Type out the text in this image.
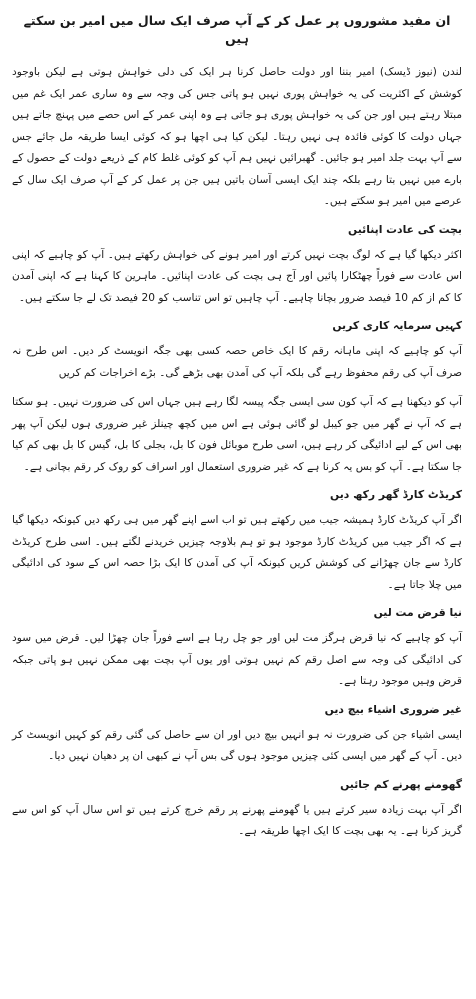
ان مفید مشوروں پر عمل کر کے آپ صرف ایک سال میں امیر بن سکتے ہیں
لندن (نیوز ڈیسک) امیر بننا اور دولت حاصل کرنا ہر ایک کی دلی خواہش ہوتی ہے لیکن باوجود کوشش کے اکثریت کی یہ خواہش پوری نہیں ہو پاتی جس کی وجہ سے وہ ساری عمر ایک غم میں مبتلا رہتے ہیں اور جن کی یہ خواہش پوری ہو جاتی ہے وہ اپنی عمر کے اس حصے میں پہنچ جاتے ہیں جہاں دولت کا کوئی فائدہ ہی نہیں رہتا۔ لیکن کیا ہی اچھا ہو کہ کوئی ایسا طریقہ مل جائے جس سے آپ بہت جلد امیر ہو جائیں۔ گھبرائیں نہیں ہم آپ کو کوئی غلط کام کے ذریعے دولت کے حصول کے بارے میں نہیں بتا رہے بلکہ چند ایک ایسی آسان باتیں ہیں جن پر عمل کر کے آپ صرف ایک سال کے عرصے میں امیر ہو سکتے ہیں۔
بچت کی عادت اپنائیں
اکثر دیکھا گیا ہے کہ لوگ بچت نہیں کرتے اور امیر ہونے کی خواہش رکھتے ہیں۔ آپ کو چاہیے کہ اپنی اس عادت سے فوراً چھٹکارا پائیں اور آج ہی بچت کی عادت اپنائیں۔ ماہرین کا کہنا ہے کہ اپنی آمدن کا کم از کم 10 فیصد ضرور بچانا چاہیے۔ آپ چاہیں تو اس تناسب کو 20 فیصد تک لے جا سکتے ہیں۔
کہیں سرمایہ کاری کریں
آپ کو چاہیے کہ اپنی ماہانہ رقم کا ایک خاص حصہ کسی بھی جگہ انویسٹ کر دیں۔ اس طرح نہ صرف آپ کی رقم محفوظ رہے گی بلکہ آپ کی آمدن بھی بڑھے گی۔ بڑے اخراجات کم کریں
آپ کو دیکھنا ہے کہ آپ کون سی ایسی جگہ پیسہ لگا رہے ہیں جہاں اس کی ضرورت نہیں۔ ہو سکتا ہے کہ آپ نے گھر میں جو کیبل لو گائی ہوئی ہے اس میں کچھ چینلز غیر ضروری ہوں لیکن آپ پھر بھی اس کے لیے ادائیگی کر رہے ہیں، اسی طرح موبائل فون کا بل، بجلی کا بل، گیس کا بل بھی کم کیا جا سکتا ہے۔ آپ کو بس یہ کرنا ہے کہ غیر ضروری استعمال اور اسراف کو روک کر رقم بچانی ہے۔
کریڈٹ کارڈ گھر رکھ دیں
اگر آپ کریڈٹ کارڈ ہمیشہ جیب میں رکھتے ہیں تو اب اسے اپنے گھر میں ہی رکھ دیں کیونکہ دیکھا گیا ہے کہ اگر جیب میں کریڈٹ کارڈ موجود ہو تو ہم بلاوجہ چیزیں خریدنے لگتے ہیں۔ اسی طرح کریڈٹ کارڈ سے جان چھڑانے کی کوشش کریں کیونکہ آپ کی آمدن کا ایک بڑا حصہ اس کے سود کی ادائیگی میں چلا جاتا ہے۔
نیا قرض مت لیں
آپ کو چاہیے کہ نیا قرض ہرگز مت لیں اور جو چل رہا ہے اسے فوراً جان چھڑا لیں۔ قرض میں سود کی ادائیگی کی وجہ سے اصل رقم کم نہیں ہوتی اور یوں آپ بچت بھی ممکن نہیں ہو پاتی جبکہ قرض وہیں موجود رہتا ہے۔
غیر ضروری اشیاء بیچ دیں
ایسی اشیاء جن کی ضرورت نہ ہو انہیں بیچ دیں اور ان سے حاصل کی گئی رقم کو کہیں انویسٹ کر دیں۔ آپ کے گھر میں ایسی کئی چیزیں موجود ہوں گی بس آپ نے کبھی ان پر دھیان نہیں دیا۔
گھومنے پھرنے کم جائیں
اگر آپ بہت زیادہ سیر کرتے ہیں یا گھومنے پھرنے پر رقم خرچ کرتے ہیں تو اس سال آپ کو اس سے گریز کرنا ہے۔ یہ بھی بچت کا ایک اچھا طریقہ ہے۔
